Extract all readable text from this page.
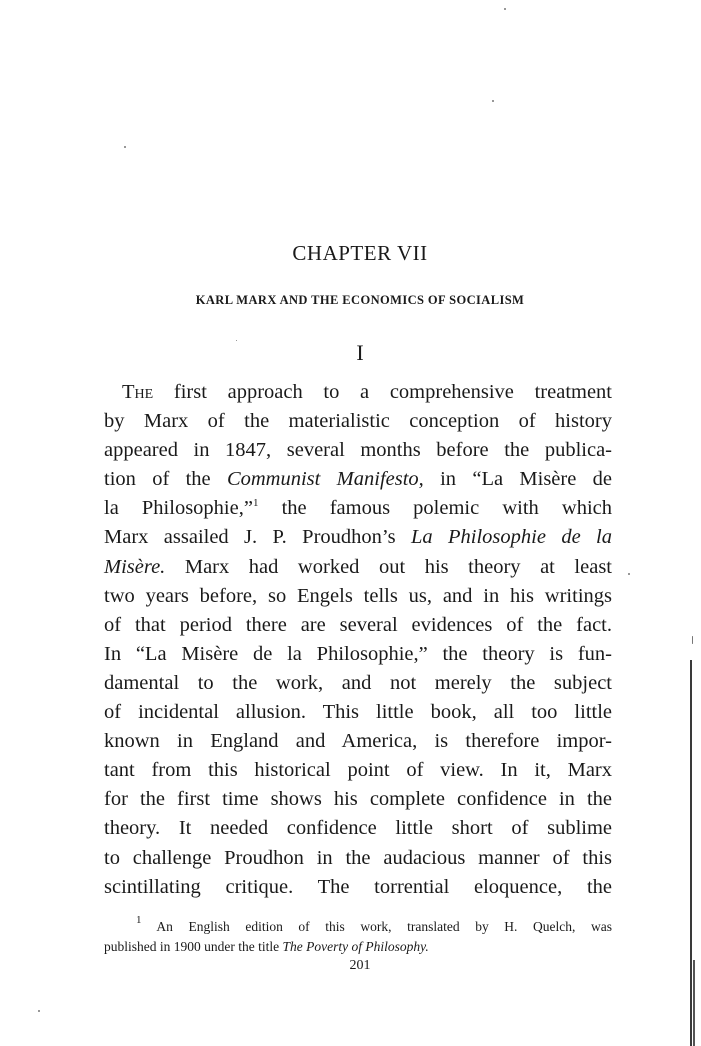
CHAPTER VII
KARL MARX AND THE ECONOMICS OF SOCIALISM
I
The first approach to a comprehensive treatment
by Marx of the materialistic conception of history
appeared in 1847, several months before the publica-
tion of the Communist Manifesto, in “La Misère de
la Philosophie,”$^1$ the famous polemic with which
Marx assailed J. P. Proudhon’s La Philosophie de la
Misère. Marx had worked out his theory at least
two years before, so Engels tells us, and in his writings
of that period there are several evidences of the fact.
In “La Misère de la Philosophie,” the theory is fun-
damental to the work, and not merely the subject
of incidental allusion. This little book, all too little
known in England and America, is therefore impor-
tant from this historical point of view. In it, Marx
for the first time shows his complete confidence in the
theory. It needed confidence little short of sublime
to challenge Proudhon in the audacious manner of this
scintillating critique. The torrential eloquence, the
$^1$ An English edition of this work, translated by H. Quelch, was
published in 1900 under the title The Poverty of Philosophy.
201
